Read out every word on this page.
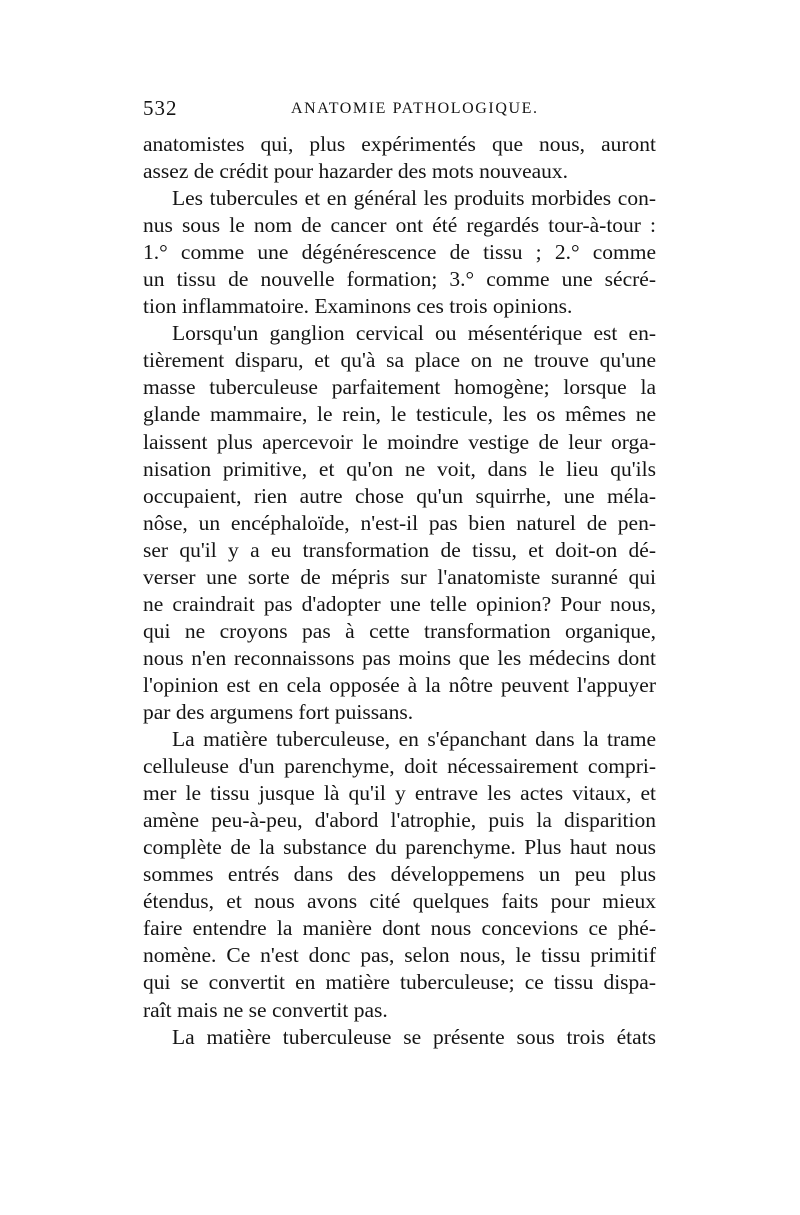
532	ANATOMIE PATHOLOGIQUE.
anatomistes qui, plus expérimentés que nous, auront
assez de crédit pour hazarder des mots nouveaux.
Les tubercules et en général les produits morbides con-
nus sous le nom de cancer ont été regardés tour-à-tour :
1.° comme une dégénérescence de tissu ; 2.° comme
un tissu de nouvelle formation; 3.° comme une sécré-
tion inflammatoire. Examinons ces trois opinions.
Lorsqu'un ganglion cervical ou mésentérique est en-
tièrement disparu, et qu'à sa place on ne trouve qu'une
masse tuberculeuse parfaitement homogène; lorsque la
glande mammaire, le rein, le testicule, les os mêmes ne
laissent plus apercevoir le moindre vestige de leur orga-
nisation primitive, et qu'on ne voit, dans le lieu qu'ils
occupaient, rien autre chose qu'un squirrhe, une méla-
nôse, un encéphaloïde, n'est-il pas bien naturel de pen-
ser qu'il y a eu transformation de tissu, et doit-on dé-
verser une sorte de mépris sur l'anatomiste suranné qui
ne craindrait pas d'adopter une telle opinion? Pour nous,
qui ne croyons pas à cette transformation organique,
nous n'en reconnaissons pas moins que les médecins dont
l'opinion est en cela opposée à la nôtre peuvent l'appuyer
par des argumens fort puissans.
La matière tuberculeuse, en s'épanchant dans la trame
celluleuse d'un parenchyme, doit nécessairement compri-
mer le tissu jusque là qu'il y entrave les actes vitaux, et
amène peu-à-peu, d'abord l'atrophie, puis la disparition
complète de la substance du parenchyme. Plus haut nous
sommes entrés dans des développemens un peu plus
étendus, et nous avons cité quelques faits pour mieux
faire entendre la manière dont nous concevions ce phé-
nomène. Ce n'est donc pas, selon nous, le tissu primitif
qui se convertit en matière tuberculeuse; ce tissu dispa-
raît mais ne se convertit pas.
La matière tuberculeuse se présente sous trois états
